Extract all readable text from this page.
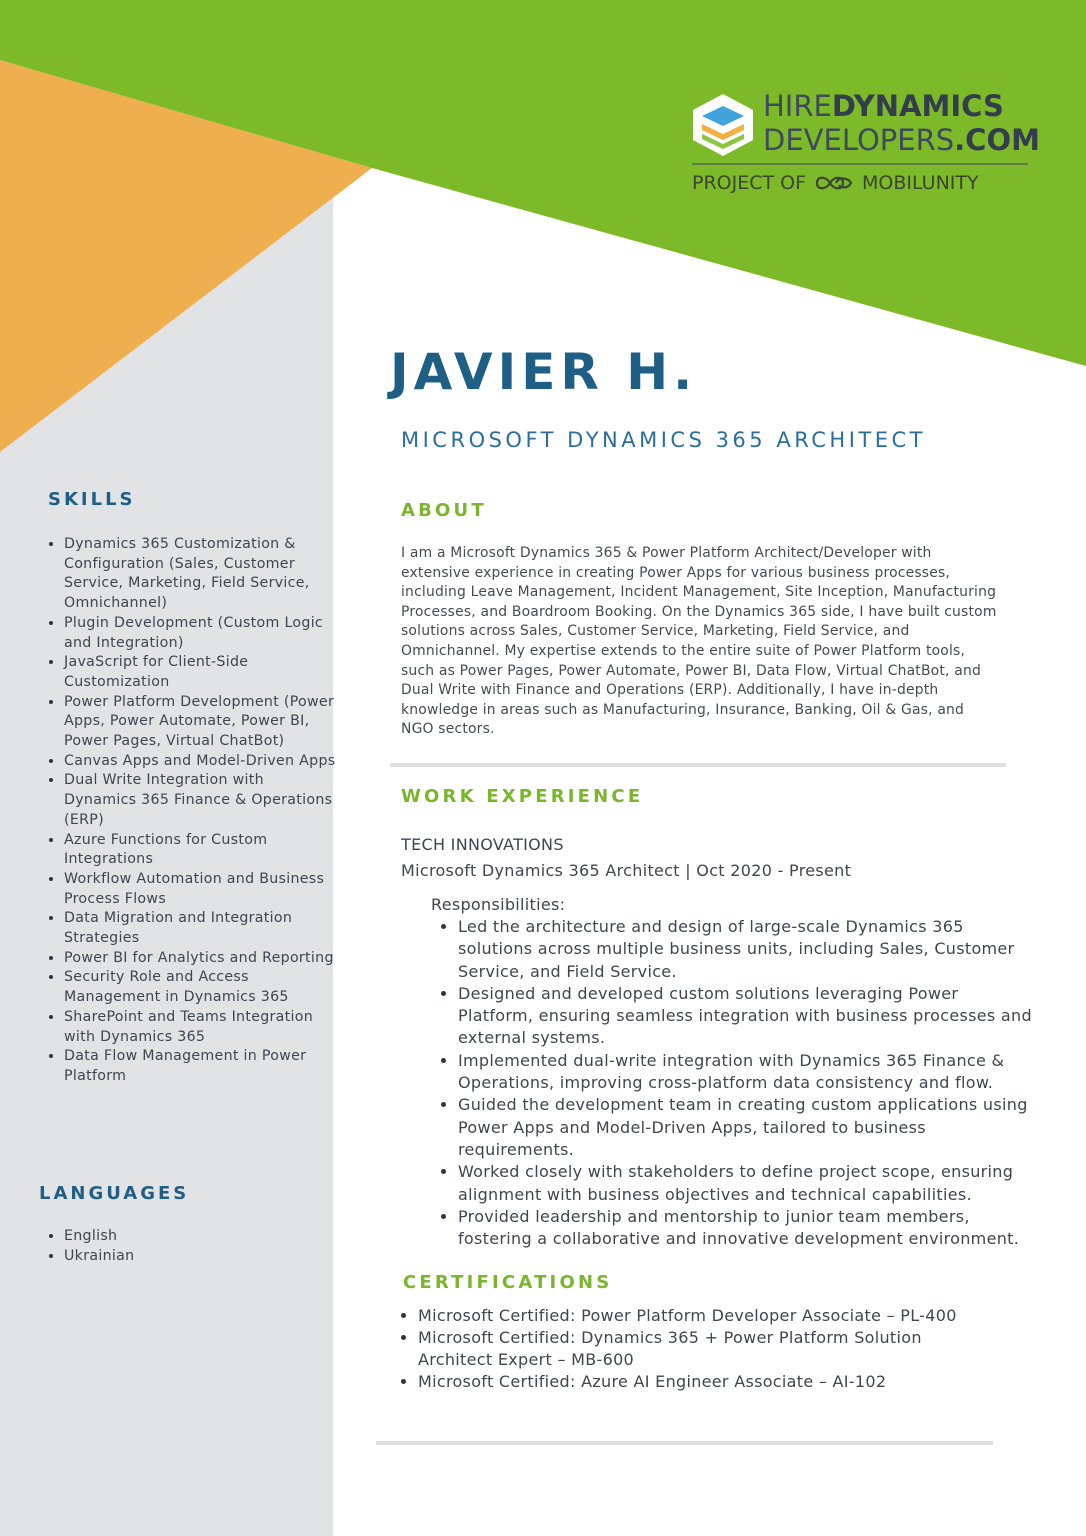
HIREDYNAMICS
DEVELOPERS.COM
PROJECT OF	MOBILUNITY
JAVIER H.
MICROSOFT DYNAMICS 365 ARCHITECT
SKILLS
• Dynamics 365 Customization & Configuration (Sales, Customer Service, Marketing, Field Service, Omnichannel)
• Plugin Development (Custom Logic and Integration)
• JavaScript for Client-Side Customization
• Power Platform Development (Power Apps, Power Automate, Power BI, Power Pages, Virtual ChatBot)
• Canvas Apps and Model-Driven Apps
• Dual Write Integration with Dynamics 365 Finance & Operations (ERP)
• Azure Functions for Custom Integrations
• Workflow Automation and Business Process Flows
• Data Migration and Integration Strategies
• Power BI for Analytics and Reporting
• Security Role and Access Management in Dynamics 365
• SharePoint and Teams Integration with Dynamics 365
• Data Flow Management in Power Platform
LANGUAGES
• English
• Ukrainian
ABOUT

I am a Microsoft Dynamics 365 & Power Platform Architect/Developer with extensive experience in creating Power Apps for various business processes, including Leave Management, Incident Management, Site Inception, Manufacturing Processes, and Boardroom Booking. On the Dynamics 365 side, I have built custom solutions across Sales, Customer Service, Marketing, Field Service, and Omnichannel. My expertise extends to the entire suite of Power Platform tools, such as Power Pages, Power Automate, Power BI, Data Flow, Virtual ChatBot, and Dual Write with Finance and Operations (ERP). Additionally, I have in-depth knowledge in areas such as Manufacturing, Insurance, Banking, Oil & Gas, and NGO sectors.

WORK EXPERIENCE
TECH INNOVATIONS
Microsoft Dynamics 365 Architect | Oct 2020 - Present
Responsibilities:
• Led the architecture and design of large-scale Dynamics 365 solutions across multiple business units, including Sales, Customer Service, and Field Service.
• Designed and developed custom solutions leveraging Power Platform, ensuring seamless integration with business processes and external systems.
• Implemented dual-write integration with Dynamics 365 Finance & Operations, improving cross-platform data consistency and flow.
• Guided the development team in creating custom applications using Power Apps and Model-Driven Apps, tailored to business requirements.
• Worked closely with stakeholders to define project scope, ensuring alignment with business objectives and technical capabilities.
• Provided leadership and mentorship to junior team members, fostering a collaborative and innovative development environment.
CERTIFICATIONS
• Microsoft Certified: Power Platform Developer Associate – PL-400
• Microsoft Certified: Dynamics 365 + Power Platform Solution Architect Expert – MB-600
• Microsoft Certified: Azure AI Engineer Associate – AI-102
